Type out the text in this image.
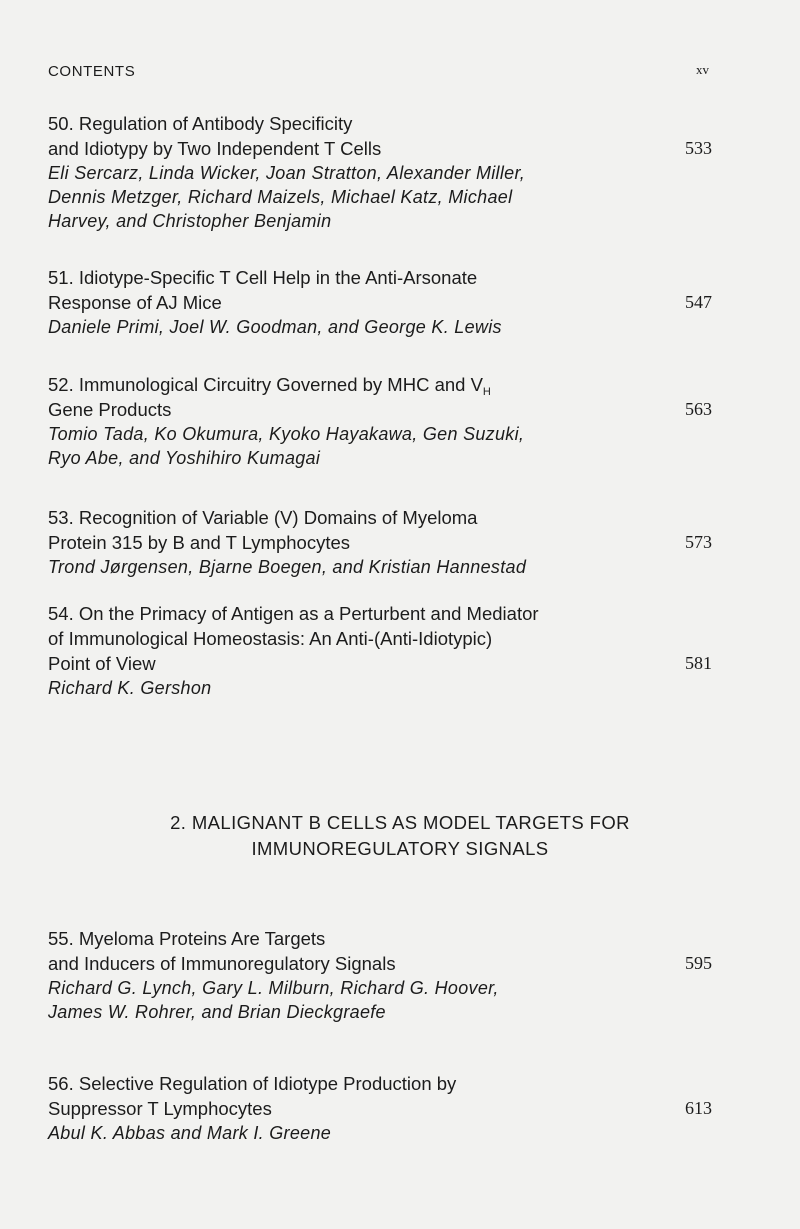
CONTENTS	xv
50. Regulation of Antibody Specificity
and Idiotypy by Two Independent T Cells	533
Eli Sercarz, Linda Wicker, Joan Stratton, Alexander Miller,
Dennis Metzger, Richard Maizels, Michael Katz, Michael
Harvey, and Christopher Benjamin
51. Idiotype-Specific T Cell Help in the Anti-Arsonate
Response of AJ Mice	547
Daniele Primi, Joel W. Goodman, and George K. Lewis
52. Immunological Circuitry Governed by MHC and $V_H$
Gene Products	563
Tomio Tada, Ko Okumura, Kyoko Hayakawa, Gen Suzuki,
Ryo Abe, and Yoshihiro Kumagai
53. Recognition of Variable (V) Domains of Myeloma
Protein 315 by B and T Lymphocytes	573
Trond Jørgensen, Bjarne Boegen, and Kristian Hannestad
54. On the Primacy of Antigen as a Perturbent and Mediator
of Immunological Homeostasis: An Anti-(Anti-Idiotypic)
Point of View	581
Richard K. Gershon
2. MALIGNANT B CELLS AS MODEL TARGETS FOR
IMMUNOREGULATORY SIGNALS
55. Myeloma Proteins Are Targets
and Inducers of Immunoregulatory Signals	595
Richard G. Lynch, Gary L. Milburn, Richard G. Hoover,
James W. Rohrer, and Brian Dieckgraefe
56. Selective Regulation of Idiotype Production by
Suppressor T Lymphocytes	613
Abul K. Abbas and Mark I. Greene
